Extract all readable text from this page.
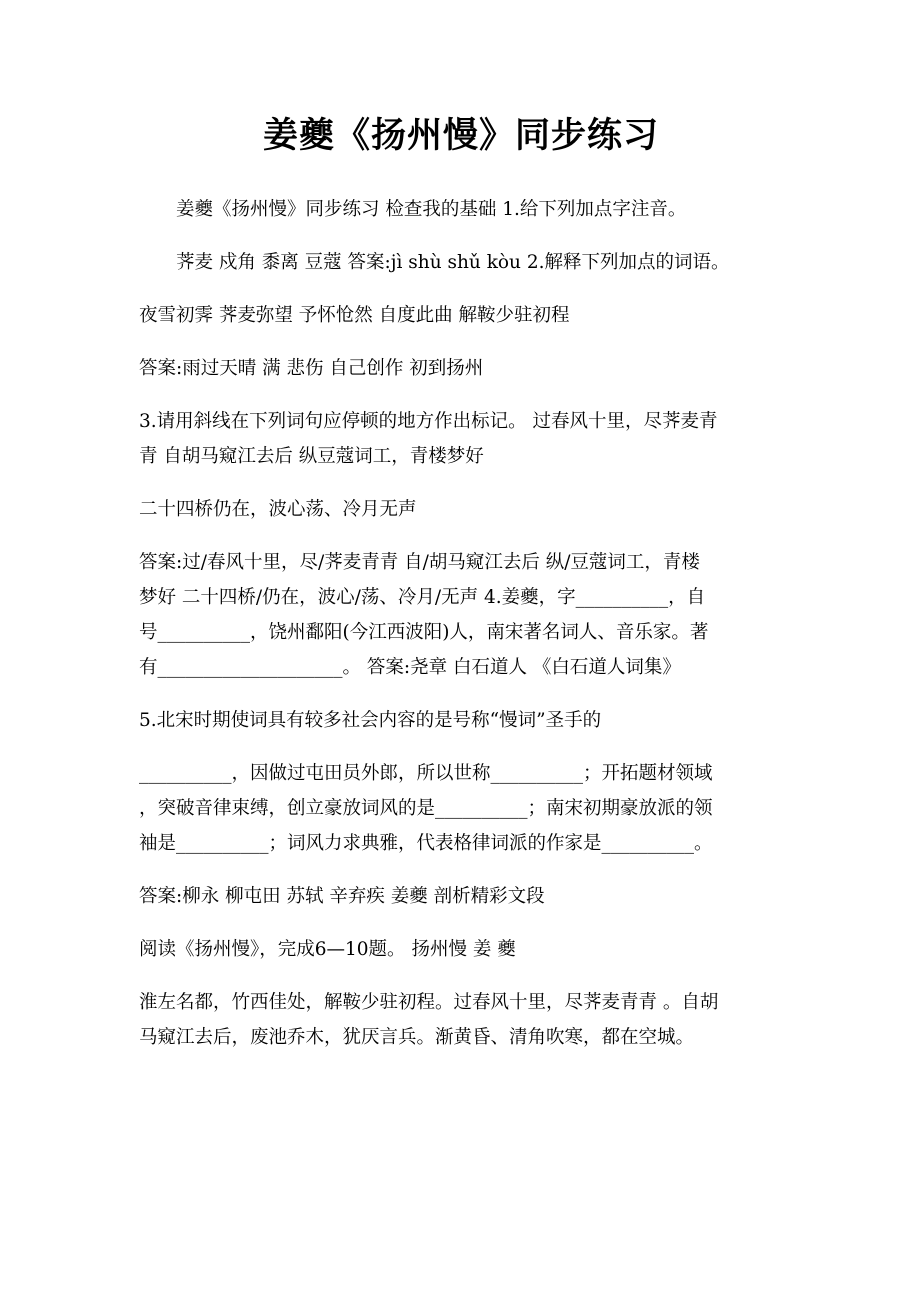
姜夔《扬州慢》同步练习

姜夔《扬州慢》同步练习 检查我的基础 1.给下列加点字注音。
荠麦 戍角 黍离 豆蔻 答案:jì shù shǔ kòu 2.解释下列加点的词语。

夜雪初霁 荠麦弥望 予怀怆然 自度此曲 解鞍少驻初程

答案:雨过天晴 满 悲伤 自己创作 初到扬州

3.请用斜线在下列词句应停顿的地方作出标记。 过春风十里，尽荠麦青
青 自胡马窥江去后 纵豆蔻词工，青楼梦好

二十四桥仍在，波心荡、冷月无声

答案:过/春风十里，尽/荠麦青青 自/胡马窥江去后 纵/豆蔻词工，青楼
梦好 二十四桥/仍在，波心/荡、冷月/无声 4.姜夔，字__________，自
号__________，饶州鄱阳(今江西波阳)人，南宋著名词人、音乐家。著
有____________________。 答案:尧章 白石道人 《白石道人词集》

5.北宋时期使词具有较多社会内容的是号称“慢词”圣手的

__________，因做过屯田员外郎，所以世称__________；开拓题材领域
，突破音律束缚，创立豪放词风的是__________；南宋初期豪放派的领
袖是__________；词风力求典雅，代表格律词派的作家是__________。

答案:柳永 柳屯田 苏轼 辛弃疾 姜夔 剖析精彩文段

阅读《扬州慢》，完成6—10题。 扬州慢 姜 夔

淮左名都，竹西佳处，解鞍少驻初程。过春风十里，尽荠麦青青 。自胡
马窥江去后，废池乔木，犹厌言兵。渐黄昏、清角吹寒，都在空城。
